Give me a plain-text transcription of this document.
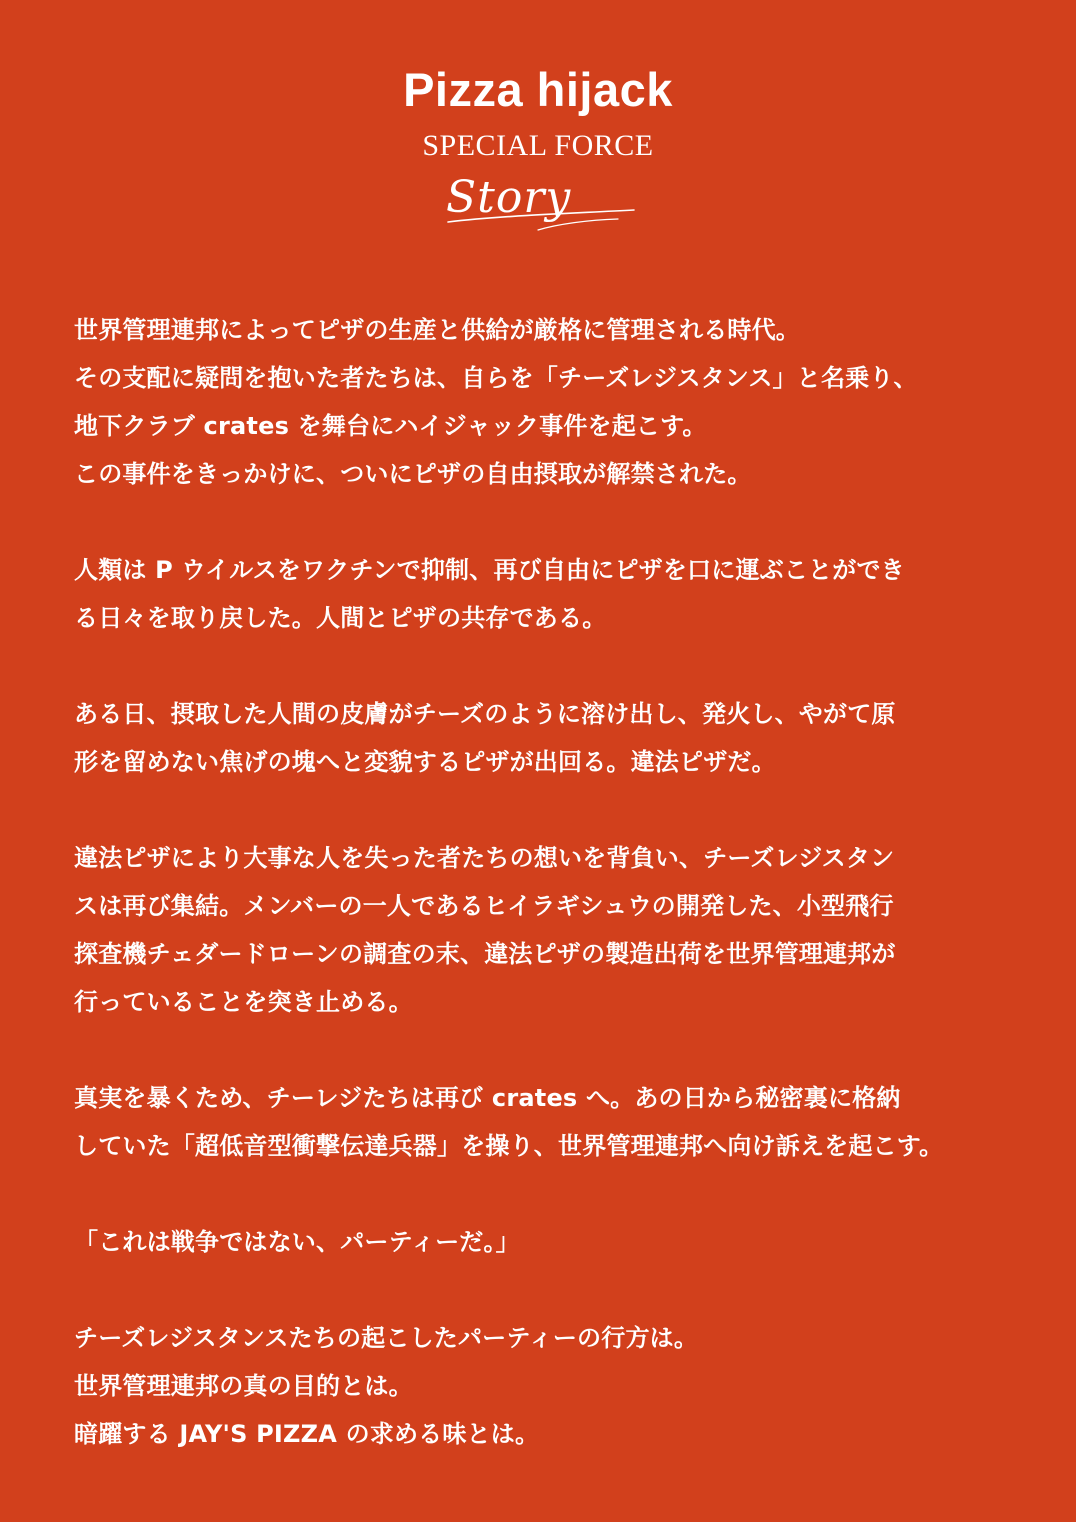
Pizza hijack
SPECIAL FORCE
Story
世界管理連邦によってピザの生産と供給が厳格に管理される時代。
その支配に疑問を抱いた者たちは、自らを「チーズレジスタンス」と名乗り、
地下クラブ crates を舞台にハイジャック事件を起こす。
この事件をきっかけに、ついにピザの自由摂取が解禁された。
人類は P ウイルスをワクチンで抑制、再び自由にピザを口に運ぶことができ
る日々を取り戻した。人間とピザの共存である。
ある日、摂取した人間の皮膚がチーズのように溶け出し、発火し、やがて原
形を留めない焦げの塊へと変貌するピザが出回る。違法ピザだ。
違法ピザにより大事な人を失った者たちの想いを背負い、チーズレジスタン
スは再び集結。メンバーの一人であるヒイラギシュウの開発した、小型飛行
探査機チェダードローンの調査の末、違法ピザの製造出荷を世界管理連邦が
行っていることを突き止める。
真実を暴くため、チーレジたちは再び crates へ。あの日から秘密裏に格納
していた「超低音型衝撃伝達兵器」を操り、世界管理連邦へ向け訴えを起こす。
「これは戦争ではない、パーティーだ。」
チーズレジスタンスたちの起こしたパーティーの行方は。
世界管理連邦の真の目的とは。
暗躍する JAY'S PIZZA の求める味とは。
